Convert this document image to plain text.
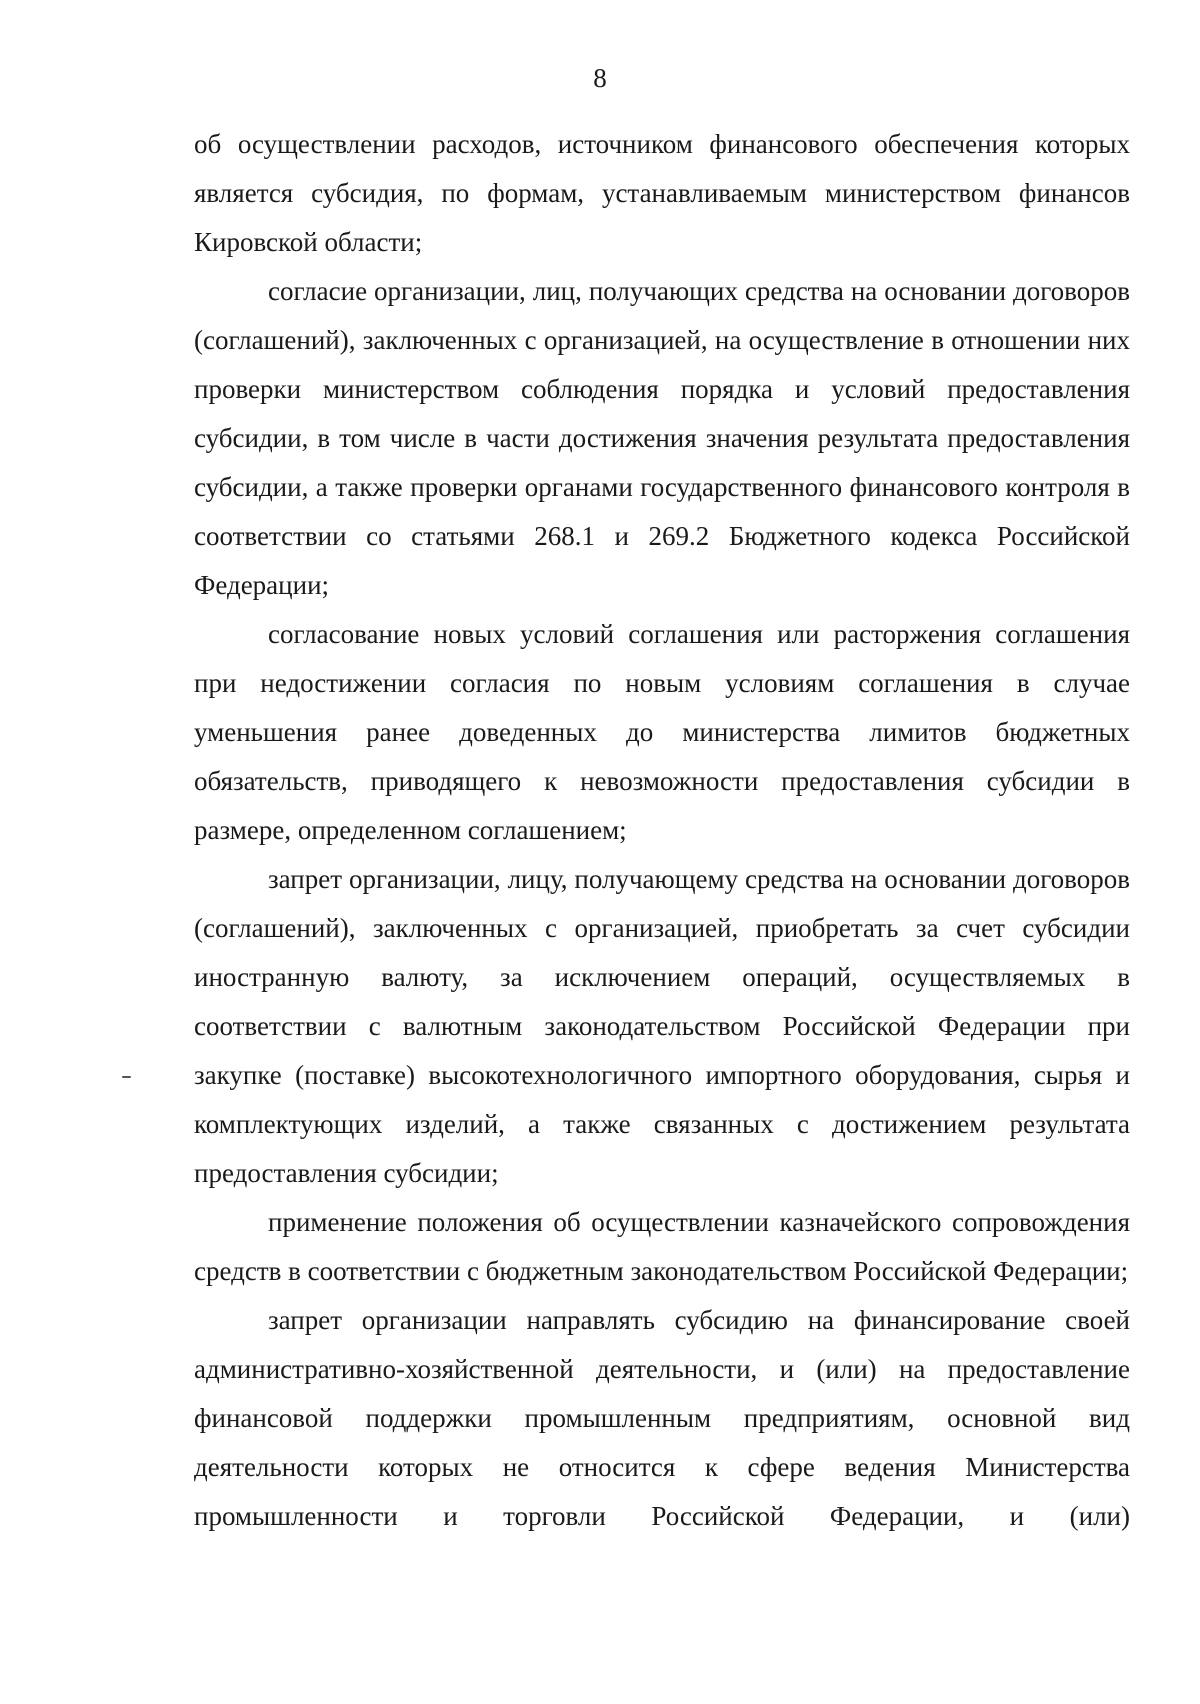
8

об осуществлении расходов, источником финансового обеспечения которых является субсидия, по формам, устанавливаемым министерством финансов Кировской области;

согласие организации, лиц, получающих средства на основании договоров (соглашений), заключенных с организацией, на осуществление в отношении них проверки министерством соблюдения порядка и условий предоставления субсидии, в том числе в части достижения значения результата предоставления субсидии, а также проверки органами государственного финансового контроля в соответствии со статьями 268.1 и 269.2 Бюджетного кодекса Российской Федерации;

согласование новых условий соглашения или расторжения соглашения при недостижении согласия по новым условиям соглашения в случае уменьшения ранее доведенных до министерства лимитов бюджетных обязательств, приводящего к невозможности предоставления субсидии в размере, определенном соглашением;

запрет организации, лицу, получающему средства на основании договоров (соглашений), заключенных с организацией, приобретать за счет субсидии иностранную валюту, за исключением операций, осуществляемых в соответствии с валютным законодательством Российской Федерации при закупке (поставке) высокотехнологичного импортного оборудования, сырья и комплектующих изделий, а также связанных с достижением результата предоставления субсидии;

применение положения об осуществлении казначейского сопровождения средств в соответствии с бюджетным законодательством Российской Федерации;

запрет организации направлять субсидию на финансирование своей административно-хозяйственной деятельности, и (или) на предоставление финансовой поддержки промышленным предприятиям, основной вид деятельности которых не относится к сфере ведения Министерства промышленности и торговли Российской Федерации, и (или)
